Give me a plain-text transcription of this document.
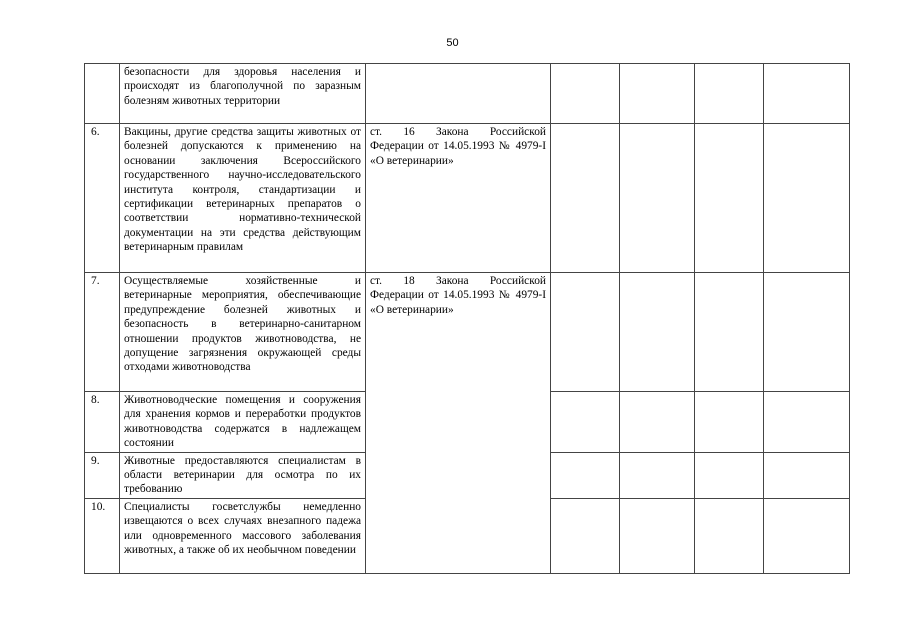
50
	безопасности для здоровья населения и происходят из благополучной по заразным болезням животных территории					
6.	Вакцины, другие средства защиты животных от болезней допускаются к применению на основании заключения Всероссийского государственного научно-исследовательского института контроля, стандартизации и сертификации ветеринарных препаратов о соответствии нормативно-технической документации на эти средства действующим ветеринарным правилам	ст. 16 Закона Российской Федерации от 14.05.1993 № 4979-I «О ветеринарии»				
7.	Осуществляемые хозяйственные и ветеринарные мероприятия, обеспечивающие предупреждение болезней животных и безопасность в ветеринарно-санитарном отношении продуктов животноводства, не допущение загрязнения окружающей среды отходами животноводства	ст. 18 Закона Российской Федерации от 14.05.1993 № 4979-I «О ветеринарии»				
8.	Животноводческие помещения и сооружения для хранения кормов и переработки продуктов животноводства содержатся в надлежащем состоянии					
9.	Животные предоставляются специалистам в области ветеринарии для осмотра по их требованию					
10.	Специалисты госветслужбы немедленно извещаются о всех случаях внезапного падежа или одновременного массового заболевания животных, а также об их необычном поведении					
